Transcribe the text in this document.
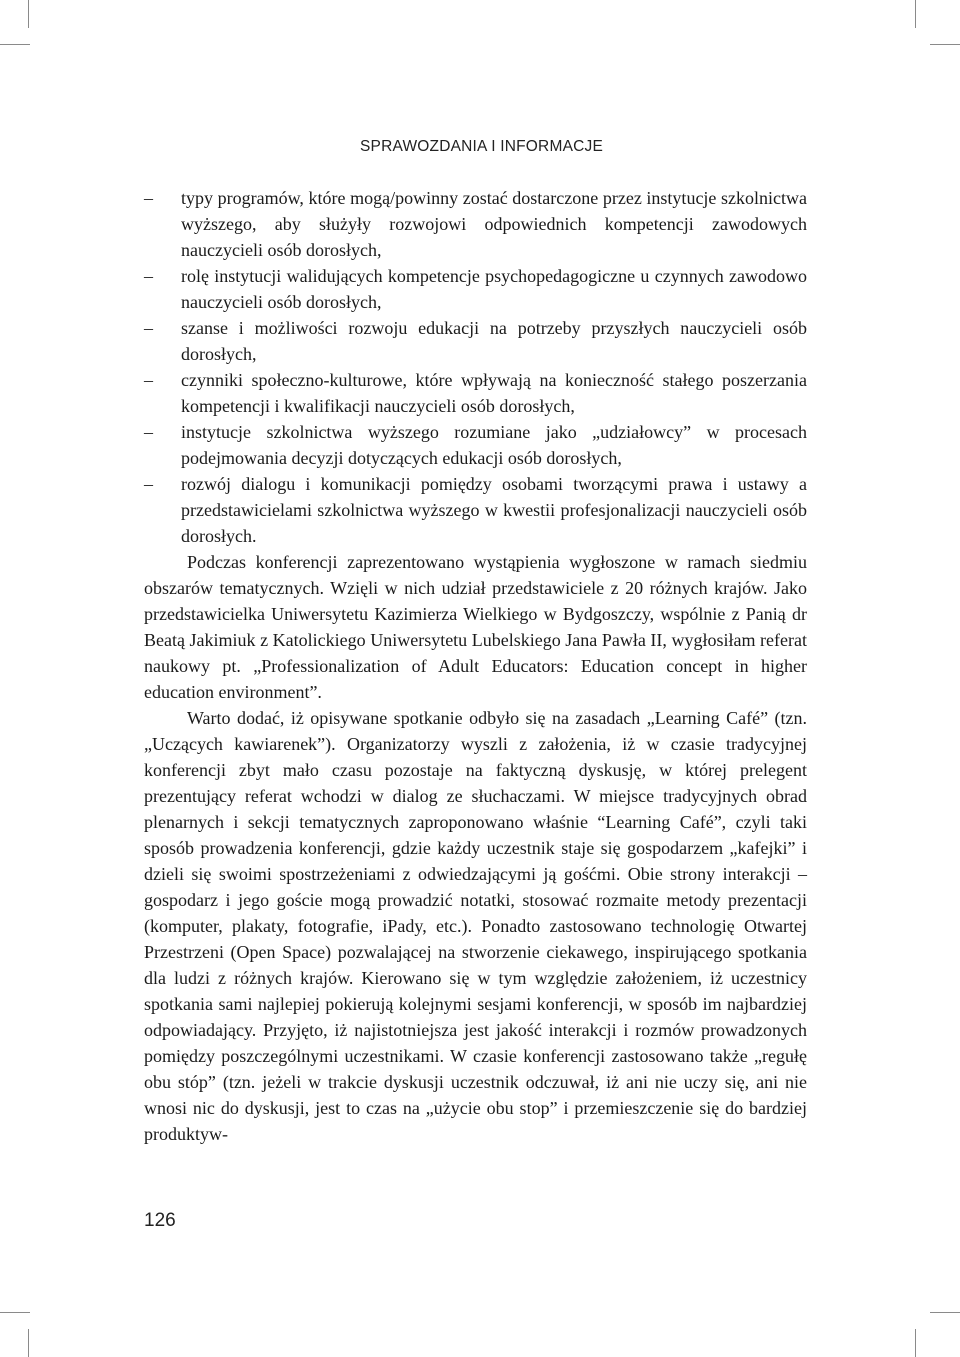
SPRAWOZDANIA I INFORMACJE
– typy programów, które mogą/powinny zostać dostarczone przez instytucje szkolnictwa wyższego, aby służyły rozwojowi odpowiednich kompetencji zawodowych nauczycieli osób dorosłych,
– rolę instytucji walidujących kompetencje psychopedagogiczne u czynnych zawodowo nauczycieli osób dorosłych,
– szanse i możliwości rozwoju edukacji na potrzeby przyszłych nauczycieli osób dorosłych,
– czynniki społeczno-kulturowe, które wpływają na konieczność stałego poszerzania kompetencji i kwalifikacji nauczycieli osób dorosłych,
– instytucje szkolnictwa wyższego rozumiane jako „udziałowcy” w procesach podejmowania decyzji dotyczących edukacji osób dorosłych,
– rozwój dialogu i komunikacji pomiędzy osobami tworzącymi prawa i ustawy a przedstawicielami szkolnictwa wyższego w kwestii profesjonalizacji nauczycieli osób dorosłych.

Podczas konferencji zaprezentowano wystąpienia wygłoszone w ramach siedmiu obszarów tematycznych. Wzięli w nich udział przedstawiciele z 20 różnych krajów. Jako przedstawicielka Uniwersytetu Kazimierza Wielkiego w Bydgoszczy, wspólnie z Panią dr Beatą Jakimiuk z Katolickiego Uniwersytetu Lubelskiego Jana Pawła II, wygłosiłam referat naukowy pt. „Professionalization of Adult Educators: Education concept in higher education environment”.

Warto dodać, iż opisywane spotkanie odbyło się na zasadach „Learning Café” (tzn. „Uczących kawiarenek”). Organizatorzy wyszli z założenia, iż w czasie tradycyjnej konferencji zbyt mało czasu pozostaje na faktyczną dyskusję, w której prelegent prezentujący referat wchodzi w dialog ze słuchaczami. W miejsce tradycyjnych obrad plenarnych i sekcji tematycznych zaproponowano właśnie “Learning Café”, czyli taki sposób prowadzenia konferencji, gdzie każdy uczestnik staje się gospodarzem „kafejki” i dzieli się swoimi spostrzeżeniami z odwiedzającymi ją gośćmi. Obie strony interakcji – gospodarz i jego goście mogą prowadzić notatki, stosować rozmaite metody prezentacji (komputer, plakaty, fotografie, iPady, etc.). Ponadto zastosowano technologię Otwartej Przestrzeni (Open Space) pozwalającej na stworzenie ciekawego, inspirującego spotkania dla ludzi z różnych krajów. Kierowano się w tym względzie założeniem, iż uczestnicy spotkania sami najlepiej pokierują kolejnymi sesjami konferencji, w sposób im najbardziej odpowiadający. Przyjęto, iż najistotniejsza jest jakość interakcji i rozmów prowadzonych pomiędzy poszczególnymi uczestnikami. W czasie konferencji zastosowano także „regułę obu stóp” (tzn. jeżeli w trakcie dyskusji uczestnik odczuwał, iż ani nie uczy się, ani nie wnosi nic do dyskusji, jest to czas na „użycie obu stop” i przemieszczenie się do bardziej produktyw-

126
